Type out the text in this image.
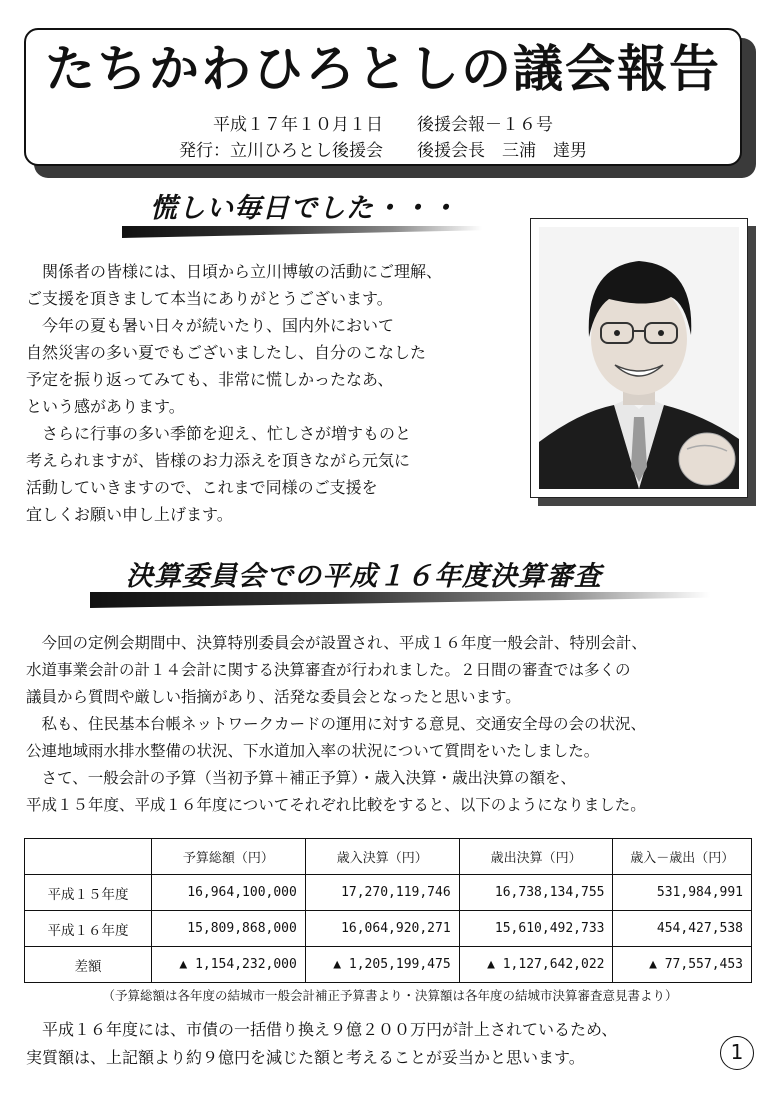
たちかわひろとしの議会報告
平成１７年１０月１日 後援会報－１６号
発行：立川ひろとし後援会 後援会長　三浦　達男
慌しい毎日でした・・・

　関係者の皆様には、日頃から立川博敏の活動にご理解、

ご支援を頂きまして本当にありがとうございます。

　今年の夏も暑い日々が続いたり、国内外において

自然災害の多い夏でもございましたし、自分のこなした

予定を振り返ってみても、非常に慌しかったなあ、

という感があります。

　さらに行事の多い季節を迎え、忙しさが増すものと

考えられますが、皆様のお力添えを頂きながら元気に

活動していきますので、これまで同様のご支援を

宜しくお願い申し上げます。

決算委員会での平成１６年度決算審査

　今回の定例会期間中、決算特別委員会が設置され、平成１６年度一般会計、特別会計、

水道事業会計の計１４会計に関する決算審査が行われました。２日間の審査では多くの

議員から質問や厳しい指摘があり、活発な委員会となったと思います。

　私も、住民基本台帳ネットワークカードの運用に対する意見、交通安全母の会の状況、

公連地域雨水排水整備の状況、下水道加入率の状況について質問をいたしました。

　さて、一般会計の予算（当初予算＋補正予算）・歳入決算・歳出決算の額を、

平成１５年度、平成１６年度についてそれぞれ比較をすると、以下のようになりました。

	予算総額（円）	歳入決算（円）	歳出決算（円）	歳入－歳出（円）
平成１５年度	16,964,100,000	17,270,119,746	16,738,134,755	531,984,991
平成１６年度	15,809,868,000	16,064,920,271	15,610,492,733	454,427,538
差額	▲ 1,154,232,000	▲ 1,205,199,475	▲ 1,127,642,022	▲ 77,557,453
（予算総額は各年度の結城市一般会計補正予算書より・決算額は各年度の結城市決算審査意見書より）

　平成１６年度には、市債の一括借り換え９億２００万円が計上されているため、

実質額は、上記額より約９億円を減じた額と考えることが妥当かと思います。	1
